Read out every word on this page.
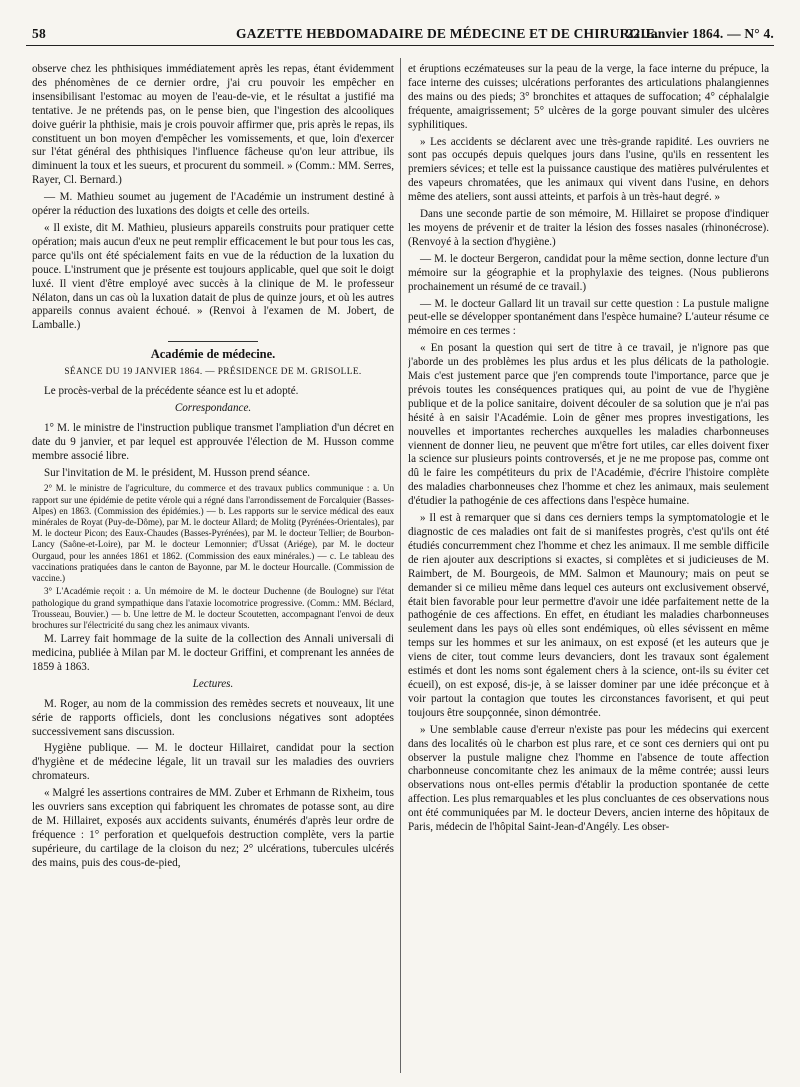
58	GAZETTE HEBDOMADAIRE DE MÉDECINE ET DE CHIRURGIE.
22 Janvier 1864. — N° 4.

observe chez les phthisiques immédiatement après les repas, étant évidemment des phénomènes de ce dernier ordre, j'ai cru pouvoir les empêcher en insensibilisant l'estomac au moyen de l'eau-de-vie, et le résultat a justifié ma tentative. Je ne prétends pas, on le pense bien, que l'ingestion des alcooliques doive guérir la phthisie, mais je crois pouvoir affirmer que, pris après le repas, ils constituent un bon moyen d'empêcher les vomissements, et que, loin d'exercer sur l'état général des phthisiques l'influence fâcheuse qu'on leur attribue, ils diminuent la toux et les sueurs, et procurent du sommeil. » (Comm.: MM. Serres, Rayer, Cl. Bernard.)

— M. Mathieu soumet au jugement de l'Académie un instrument destiné à opérer la réduction des luxations des doigts et celle des orteils.

« Il existe, dit M. Mathieu, plusieurs appareils construits pour pratiquer cette opération; mais aucun d'eux ne peut remplir efficacement le but pour tous les cas, parce qu'ils ont été spécialement faits en vue de la réduction de la luxation du pouce. L'instrument que je présente est toujours applicable, quel que soit le doigt luxé. Il vient d'être employé avec succès à la clinique de M. le professeur Nélaton, dans un cas où la luxation datait de plus de quinze jours, et où les autres appareils connus avaient échoué. » (Renvoi à l'examen de M. Jobert, de Lamballe.)

Académie de médecine.

SÉANCE DU 19 JANVIER 1864. — PRÉSIDENCE DE M. GRISOLLE.

Le procès-verbal de la précédente séance est lu et adopté.

Correspondance.

1° M. le ministre de l'instruction publique transmet l'ampliation d'un décret en date du 9 janvier, et par lequel est approuvée l'élection de M. Husson comme membre associé libre.

Sur l'invitation de M. le président, M. Husson prend séance.

2° M. le ministre de l'agriculture, du commerce et des travaux publics communique : a. Un rapport sur une épidémie de petite vérole qui a régné dans l'arrondissement de Forcalquier (Basses-Alpes) en 1863. (Commission des épidémies.) — b. Les rapports sur le service médical des eaux minérales de Royat (Puy-de-Dôme), par M. le docteur Allard; de Molitg (Pyrénées-Orientales), par M. le docteur Picon; des Eaux-Chaudes (Basses-Pyrénées), par M. le docteur Tellier; de Bourbon-Lancy (Saône-et-Loire), par M. le docteur Lemonnier; d'Ussat (Ariége), par M. le docteur Ourgaud, pour les années 1861 et 1862. (Commission des eaux minérales.) — c. Le tableau des vaccinations pratiquées dans le canton de Bayonne, par M. le docteur Hourcalle. (Commission de vaccine.)

3° L'Académie reçoit : a. Un mémoire de M. le docteur Duchenne (de Boulogne) sur l'état pathologique du grand sympathique dans l'ataxie locomotrice progressive. (Comm.: MM. Béclard, Trousseau, Bouvier.) — b. Une lettre de M. le docteur Scoutetten, accompagnant l'envoi de deux brochures sur l'électricité du sang chez les animaux vivants.

M. Larrey fait hommage de la suite de la collection des Annali universali di medicina, publiée à Milan par M. le docteur Griffini, et comprenant les années de 1859 à 1863.

Lectures.

M. Roger, au nom de la commission des remèdes secrets et nouveaux, lit une série de rapports officiels, dont les conclusions négatives sont adoptées successivement sans discussion.

Hygiène publique. — M. le docteur Hillairet, candidat pour la section d'hygiène et de médecine légale, lit un travail sur les maladies des ouvriers chromateurs.

« Malgré les assertions contraires de MM. Zuber et Erhmann de Rixheim, tous les ouvriers sans exception qui fabriquent les chromates de potasse sont, au dire de M. Hillairet, exposés aux accidents suivants, énumérés d'après leur ordre de fréquence : 1° perforation et quelquefois destruction complète, vers la partie supérieure, du cartilage de la cloison du nez; 2° ulcérations, tubercules ulcérés des mains, puis des cous-de-pied,

et éruptions eczémateuses sur la peau de la verge, la face interne du prépuce, la face interne des cuisses; ulcérations perforantes des articulations phalangiennes des mains ou des pieds; 3° bronchites et attaques de suffocation; 4° céphalalgie fréquente, amaigrissement; 5° ulcères de la gorge pouvant simuler des ulcères syphilitiques.

» Les accidents se déclarent avec une très-grande rapidité. Les ouvriers ne sont pas occupés depuis quelques jours dans l'usine, qu'ils en ressentent les premiers sévices; et telle est la puissance caustique des matières pulvérulentes et des vapeurs chromatées, que les animaux qui vivent dans l'usine, en dehors même des ateliers, sont aussi atteints, et parfois à un très-haut degré. »

Dans une seconde partie de son mémoire, M. Hillairet se propose d'indiquer les moyens de prévenir et de traiter la lésion des fosses nasales (rhinonécrose). (Renvoyé à la section d'hygiène.)

— M. le docteur Bergeron, candidat pour la même section, donne lecture d'un mémoire sur la géographie et la prophylaxie des teignes. (Nous publierons prochainement un résumé de ce travail.)

— M. le docteur Gallard lit un travail sur cette question : La pustule maligne peut-elle se développer spontanément dans l'espèce humaine? L'auteur résume ce mémoire en ces termes :

« En posant la question qui sert de titre à ce travail, je n'ignore pas que j'aborde un des problèmes les plus ardus et les plus délicats de la pathologie. Mais c'est justement parce que j'en comprends toute l'importance, parce que je prévois toutes les conséquences pratiques qui, au point de vue de l'hygiène publique et de la police sanitaire, doivent découler de sa solution que je n'ai pas hésité à en saisir l'Académie. Loin de gêner mes propres investigations, les nouvelles et importantes recherches auxquelles les maladies charbonneuses viennent de donner lieu, ne peuvent que m'être fort utiles, car elles doivent fixer la science sur plusieurs points controversés, et je ne me propose pas, comme ont dû le faire les compétiteurs du prix de l'Académie, d'écrire l'histoire complète des maladies charbonneuses chez l'homme et chez les animaux, mais seulement d'étudier la pathogénie de ces affections dans l'espèce humaine.

» Il est à remarquer que si dans ces derniers temps la symptomatologie et le diagnostic de ces maladies ont fait de si manifestes progrès, c'est qu'ils ont été étudiés concurremment chez l'homme et chez les animaux. Il me semble difficile de rien ajouter aux descriptions si exactes, si complètes et si judicieuses de M. Raimbert, de M. Bourgeois, de MM. Salmon et Maunoury; mais on peut se demander si ce milieu même dans lequel ces auteurs ont exclusivement observé, était bien favorable pour leur permettre d'avoir une idée parfaitement nette de la pathogénie de ces affections. En effet, en étudiant les maladies charbonneuses seulement dans les pays où elles sont endémiques, où elles sévissent en même temps sur les hommes et sur les animaux, on est exposé (et les auteurs que je viens de citer, tout comme leurs devanciers, dont les travaux sont également estimés et dont les noms sont également chers à la science, ont-ils su éviter cet écueil), on est exposé, dis-je, à se laisser dominer par une idée préconçue et à voir partout la contagion que toutes les circonstances favorisent, et qui peut toujours être soupçonnée, sinon démontrée.

» Une semblable cause d'erreur n'existe pas pour les médecins qui exercent dans des localités où le charbon est plus rare, et ce sont ces derniers qui ont pu observer la pustule maligne chez l'homme en l'absence de toute affection charbonneuse concomitante chez les animaux de la même contrée; aussi leurs observations nous ont-elles permis d'établir la production spontanée de cette affection. Les plus remarquables et les plus concluantes de ces observations nous ont été communiquées par M. le docteur Devers, ancien interne des hôpitaux de Paris, médecin de l'hôpital Saint-Jean-d'Angély. Les obser-
